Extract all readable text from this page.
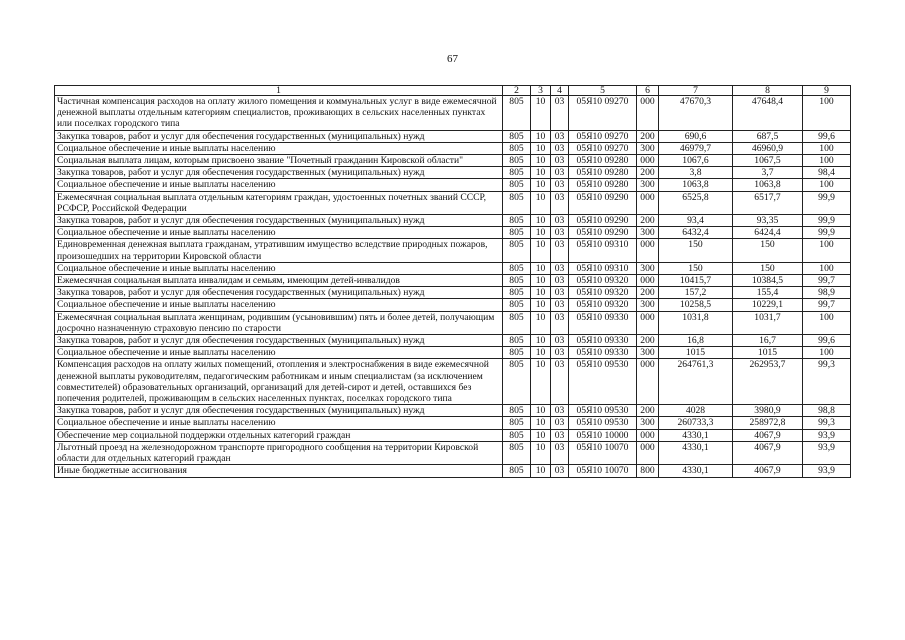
67
1	2	3	4	5	6	7	8	9
Частичная компенсация расходов на оплату жилого помещения и коммунальных услуг в виде ежемесячной денежной выплаты отдельным категориям специалистов, проживающих в сельских населенных пунктах или поселках городского типа	805	10	03	05Я10 09270	000	47670,3	47648,4	100
Закупка товаров, работ и услуг для обеспечения государственных (муниципальных) нужд	805	10	03	05Я10 09270	200	690,6	687,5	99,6
Социальное обеспечение и иные выплаты населению	805	10	03	05Я10 09270	300	46979,7	46960,9	100
Социальная выплата лицам, которым присвоено звание "Почетный гражданин Кировской области"	805	10	03	05Я10 09280	000	1067,6	1067,5	100
Закупка товаров, работ и услуг для обеспечения государственных (муниципальных) нужд	805	10	03	05Я10 09280	200	3,8	3,7	98,4
Социальное обеспечение и иные выплаты населению	805	10	03	05Я10 09280	300	1063,8	1063,8	100
Ежемесячная социальная выплата отдельным категориям граждан, удостоенных почетных званий СССР, РСФСР, Российской Федерации	805	10	03	05Я10 09290	000	6525,8	6517,7	99,9
Закупка товаров, работ и услуг для обеспечения государственных (муниципальных) нужд	805	10	03	05Я10 09290	200	93,4	93,35	99,9
Социальное обеспечение и иные выплаты населению	805	10	03	05Я10 09290	300	6432,4	6424,4	99,9
Единовременная денежная выплата гражданам, утратившим имущество вследствие природных пожаров, произошедших на территории Кировской области	805	10	03	05Я10 09310	000	150	150	100
Социальное обеспечение и иные выплаты населению	805	10	03	05Я10 09310	300	150	150	100
Ежемесячная социальная выплата инвалидам и семьям, имеющим детей-инвалидов	805	10	03	05Я10 09320	000	10415,7	10384,5	99,7
Закупка товаров, работ и услуг для обеспечения государственных (муниципальных) нужд	805	10	03	05Я10 09320	200	157,2	155,4	98,9
Социальное обеспечение и иные выплаты населению	805	10	03	05Я10 09320	300	10258,5	10229,1	99,7
Ежемесячная социальная выплата женщинам, родившим (усыновившим) пять и более детей, получающим досрочно назначенную страховую пенсию по старости	805	10	03	05Я10 09330	000	1031,8	1031,7	100
Закупка товаров, работ и услуг для обеспечения государственных (муниципальных) нужд	805	10	03	05Я10 09330	200	16,8	16,7	99,6
Социальное обеспечение и иные выплаты населению	805	10	03	05Я10 09330	300	1015	1015	100
Компенсация расходов на оплату жилых помещений, отопления и электроснабжения в виде ежемесячной денежной выплаты руководителям, педагогическим работникам и иным специалистам (за исключением совместителей) образовательных организаций, организаций для детей-сирот и детей, оставшихся без попечения родителей, проживающим в сельских населенных пунктах, поселках городского типа	805	10	03	05Я10 09530	000	264761,3	262953,7	99,3
Закупка товаров, работ и услуг для обеспечения государственных (муниципальных) нужд	805	10	03	05Я10 09530	200	4028	3980,9	98,8
Социальное обеспечение и иные выплаты населению	805	10	03	05Я10 09530	300	260733,3	258972,8	99,3
Обеспечение мер социальной поддержки отдельных категорий граждан	805	10	03	05Я10 10000	000	4330,1	4067,9	93,9
Льготный проезд на железнодорожном транспорте пригородного сообщения на территории Кировской области для отдельных категорий граждан	805	10	03	05Я10 10070	000	4330,1	4067,9	93,9
Иные бюджетные ассигнования	805	10	03	05Я10 10070	800	4330,1	4067,9	93,9
